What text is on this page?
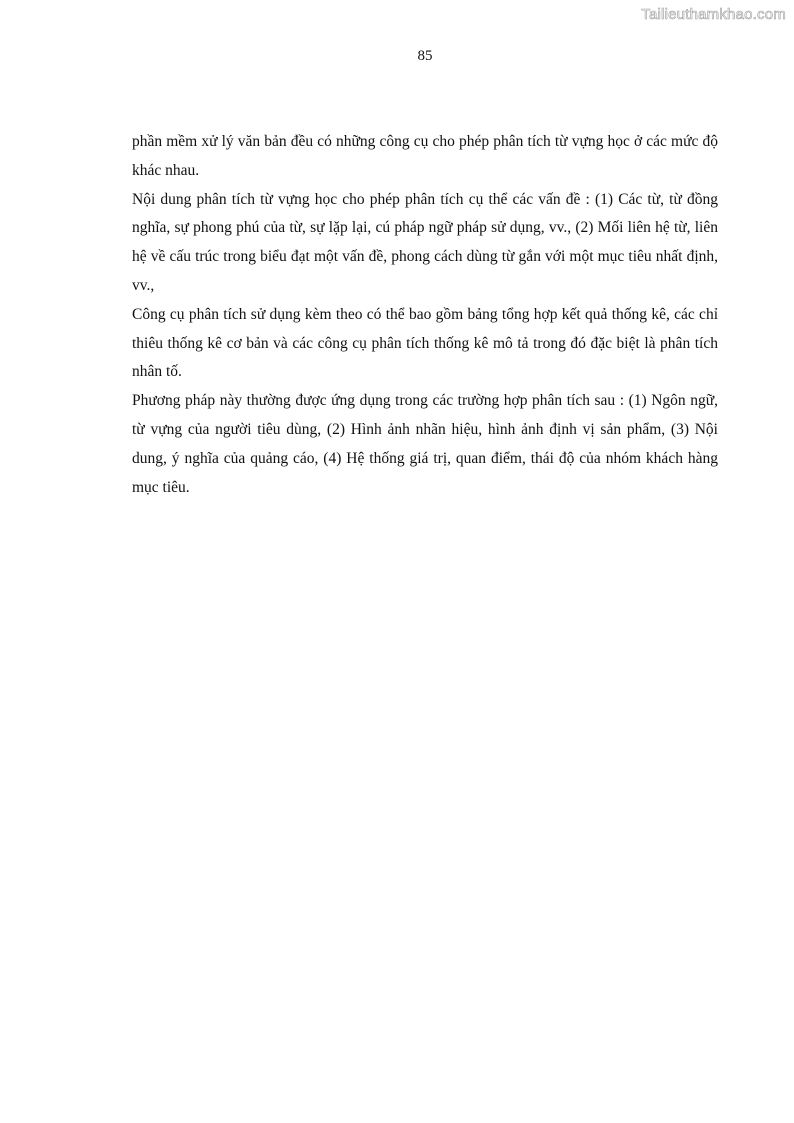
Tailieuthamkhao.com
85

phần mềm xử lý văn bản đều có những công cụ cho phép phân tích từ vựng học ở các mức độ khác nhau.

Nội dung phân tích từ vựng học cho phép phân tích cụ thể các vấn đề : (1) Các từ, từ đồng nghĩa, sự phong phú của từ, sự lặp lại, cú pháp ngữ pháp sử dụng, vv., (2) Mối liên hệ từ, liên hệ về cấu trúc trong biểu đạt một vấn đề, phong cách dùng từ gắn với một mục tiêu nhất định, vv.,

Công cụ phân tích sử dụng kèm theo có thể bao gồm bảng tổng hợp kết quả thống kê, các chỉ thiêu thống kê cơ bản và các công cụ phân tích thống kê mô tả trong đó đặc biệt là phân tích nhân tố.

Phương pháp này thường được ứng dụng trong các trường hợp phân tích sau : (1) Ngôn ngữ, từ vựng của người tiêu dùng, (2) Hình ảnh nhãn hiệu, hình ảnh định vị sản phẩm, (3) Nội dung, ý nghĩa của quảng cáo, (4) Hệ thống giá trị, quan điểm, thái độ của nhóm khách hàng mục tiêu.
